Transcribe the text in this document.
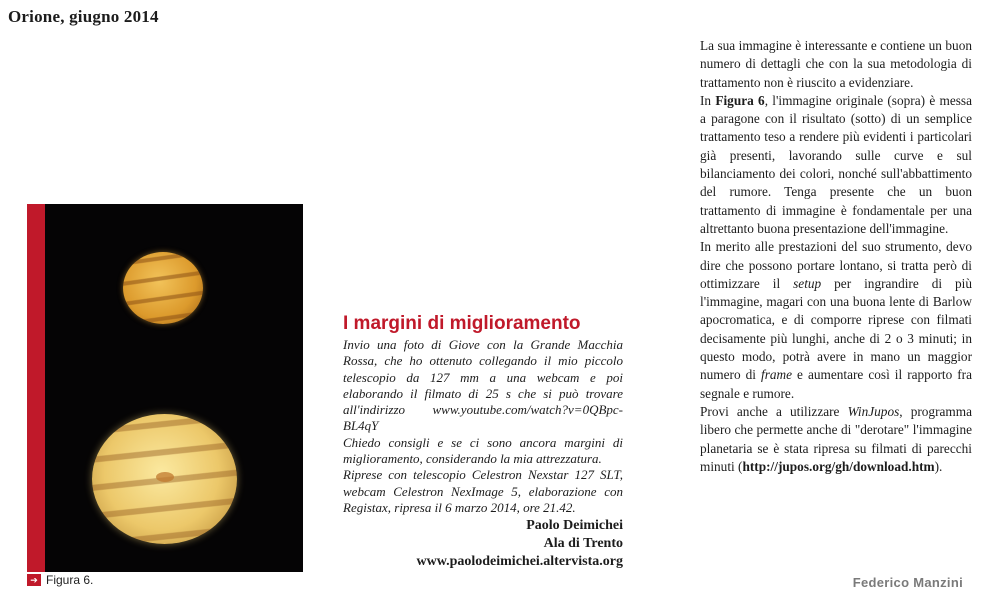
Orione, giugno 2014
➔ Figura 6.
I margini di miglioramento

Invio una foto di Giove con la Grande Macchia Rossa, che ho ottenuto collegando il mio piccolo telescopio da 127 mm a una webcam e poi elaborando il filmato di 25 s che si può trovare all'indirizzo www.youtube.com/watch?v=0QBpc-BL4qY

Chiedo consigli e se ci sono ancora margini di miglioramento, considerando la mia attrezzatura.

Riprese con telescopio Celestron Nexstar 127 SLT, webcam Celestron NexImage 5, elaborazione con Registax, ripresa il 6 marzo 2014, ore 21.42.

Paolo Deimichei
Ala di Trento
www.paolodeimichei.altervista.org

La sua immagine è interessante e contiene un buon numero di dettagli che con la sua metodologia di trattamento non è riuscito a evidenziare.

In Figura 6, l'immagine originale (sopra) è messa a paragone con il risultato (sotto) di un semplice trattamento teso a rendere più evidenti i particolari già presenti, lavorando sulle curve e sul bilanciamento dei colori, nonché sull'abbattimento del rumore. Tenga presente che un buon trattamento di immagine è fondamentale per una altrettanto buona presentazione dell'immagine.

In merito alle prestazioni del suo strumento, devo dire che possono portare lontano, si tratta però di ottimizzare il setup per ingrandire di più l'immagine, magari con una buona lente di Barlow apocromatica, e di comporre riprese con filmati decisamente più lunghi, anche di 2 o 3 minuti; in questo modo, potrà avere in mano un maggior numero di frame e aumentare così il rapporto fra segnale e rumore.

Provi anche a utilizzare WinJupos, programma libero che permette anche di "derotare" l'immagine planetaria se è stata ripresa su filmati di parecchi minuti (http://jupos.org/gh/download.htm).

Federico Manzini
